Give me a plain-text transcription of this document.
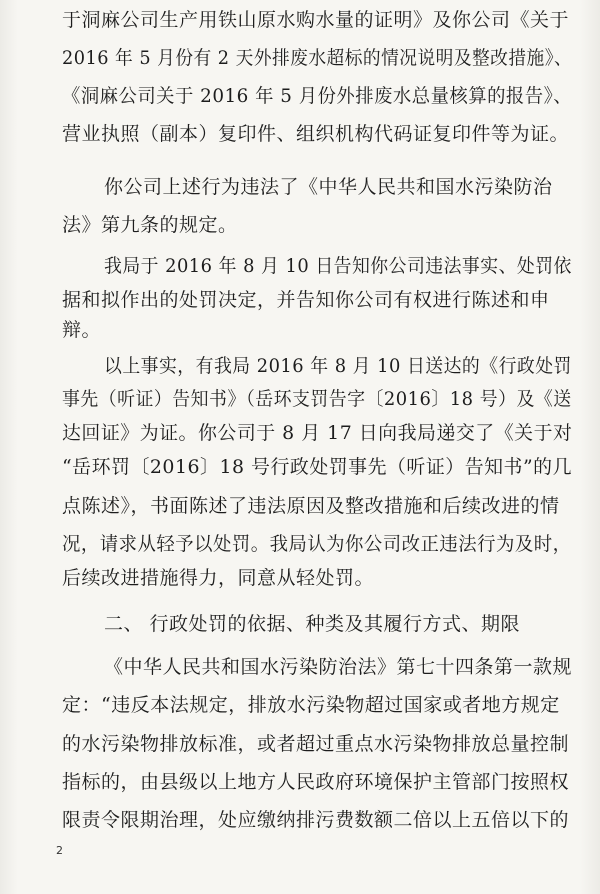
于洞麻公司生产用铁山原水购水量的证明》及你公司《关于
2016 年 5 月份有 2 天外排废水超标的情况说明及整改措施》、
《洞麻公司关于 2016 年 5 月份外排废水总量核算的报告》、
营业执照（副本）复印件、组织机构代码证复印件等为证。
你公司上述行为违法了《中华人民共和国水污染防治
法》第九条的规定。
我局于 2016 年 8 月 10 日告知你公司违法事实、处罚依
据和拟作出的处罚决定，并告知你公司有权进行陈述和申
辩。
以上事实，有我局 2016 年 8 月 10 日送达的《行政处罚
事先（听证）告知书》（岳环支罚告字〔2016〕18 号）及《送
达回证》为证。你公司于 8 月 17 日向我局递交了《关于对
“岳环罚〔2016〕18 号行政处罚事先（听证）告知书”的几
点陈述》，书面陈述了违法原因及整改措施和后续改进的情
况，请求从轻予以处罚。我局认为你公司改正违法行为及时，
后续改进措施得力，同意从轻处罚。
二、 行政处罚的依据、种类及其履行方式、期限
《中华人民共和国水污染防治法》第七十四条第一款规
定：“违反本法规定，排放水污染物超过国家或者地方规定
的水污染物排放标准，或者超过重点水污染物排放总量控制
指标的，由县级以上地方人民政府环境保护主管部门按照权
限责令限期治理，处应缴纳排污费数额二倍以上五倍以下的
2
